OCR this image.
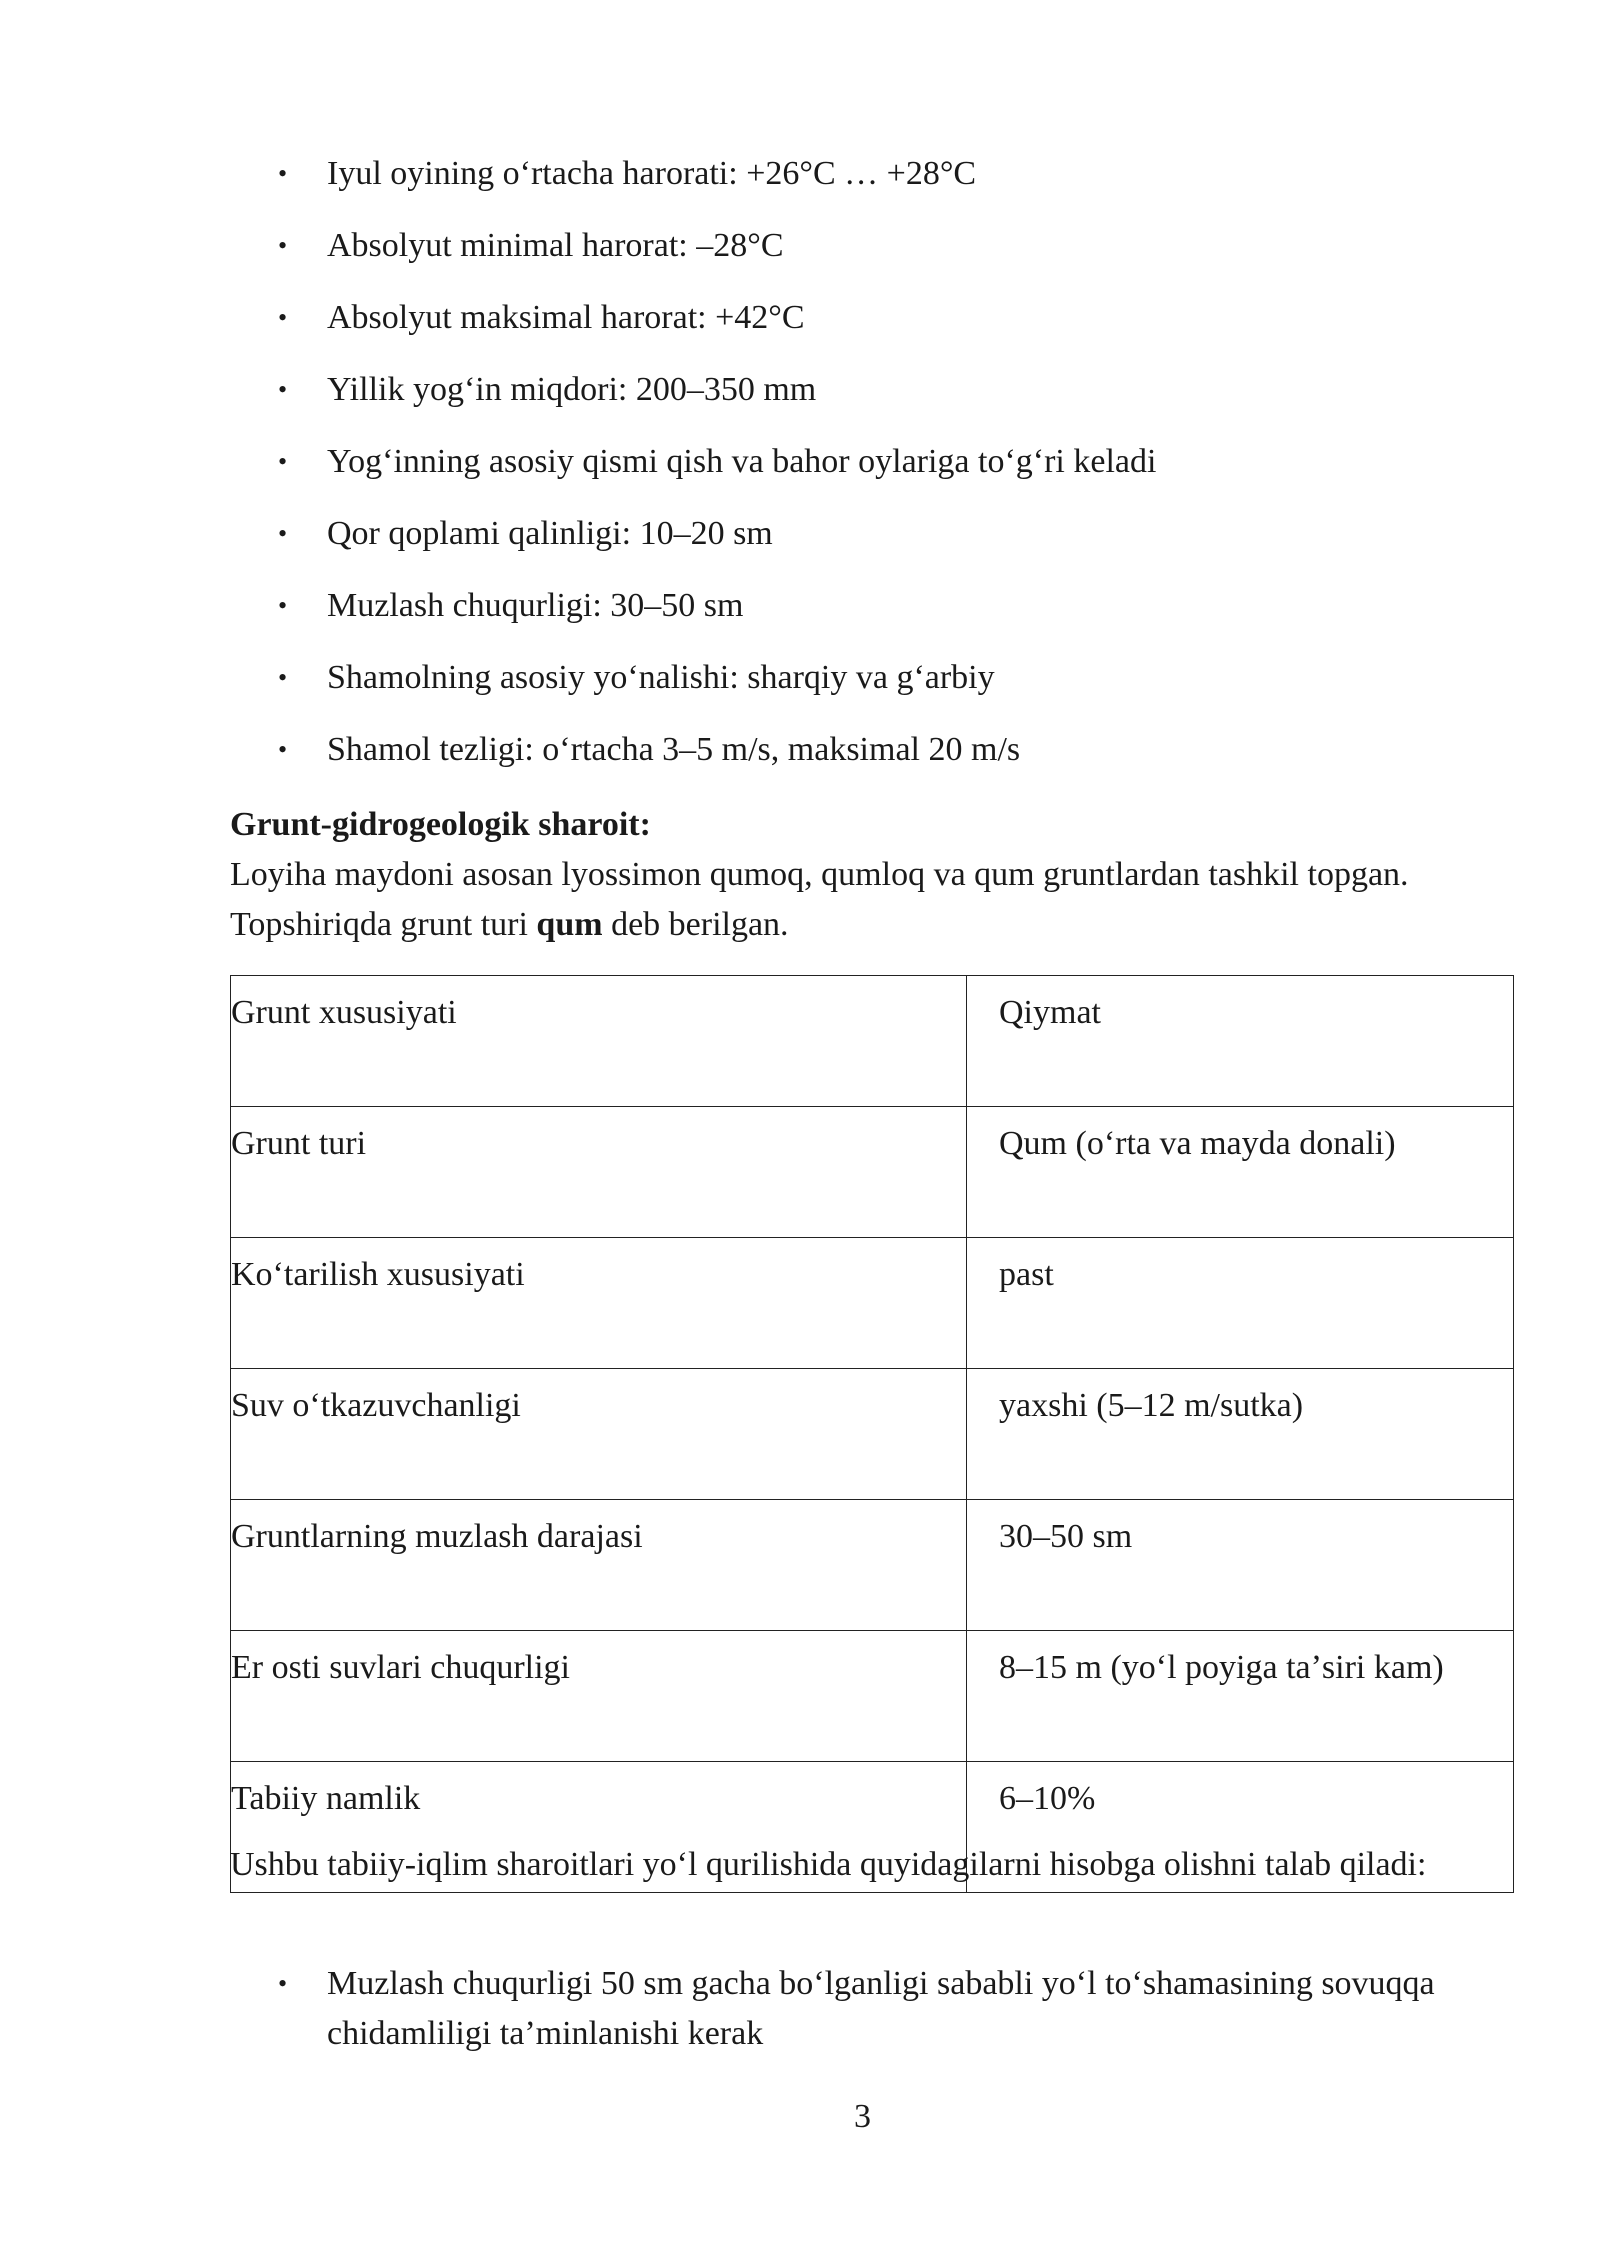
• Iyul oyining oʻrtacha harorati: +26°C … +28°C
• Absolyut minimal harorat: –28°C
• Absolyut maksimal harorat: +42°C
• Yillik yogʻin miqdori: 200–350 mm
• Yogʻinning asosiy qismi qish va bahor oylariga toʻgʻri keladi
• Qor qoplami qalinligi: 10–20 sm
• Muzlash chuqurligi: 30–50 sm
• Shamolning asosiy yoʻnalishi: sharqiy va gʻarbiy
• Shamol tezligi: oʻrtacha 3–5 m/s, maksimal 20 m/s

Grunt-gidrogeologik sharoit:

Loyiha maydoni asosan lyossimon qumoq, qumloq va qum gruntlardan tashkil topgan. Topshiriqda grunt turi qum deb berilgan.

Grunt xususiyati	Qiymat
Grunt turi	Qum (oʻrta va mayda donali)
Koʻtarilish xususiyati	past
Suv oʻtkazuvchanligi	yaxshi (5–12 m/sutka)
Gruntlarning muzlash darajasi	30–50 sm
Er osti suvlari chuqurligi	8–15 m (yoʻl poyiga taʼsiri kam)
Tabiiy namlik	6–10%

Ushbu tabiiy-iqlim sharoitlari yoʻl qurilishida quyidagilarni hisobga olishni talab qiladi:

• Muzlash chuqurligi 50 sm gacha boʻlganligi sababli yoʻl toʻshamasining sovuqqa chidamliligi taʼminlanishi kerak
3
